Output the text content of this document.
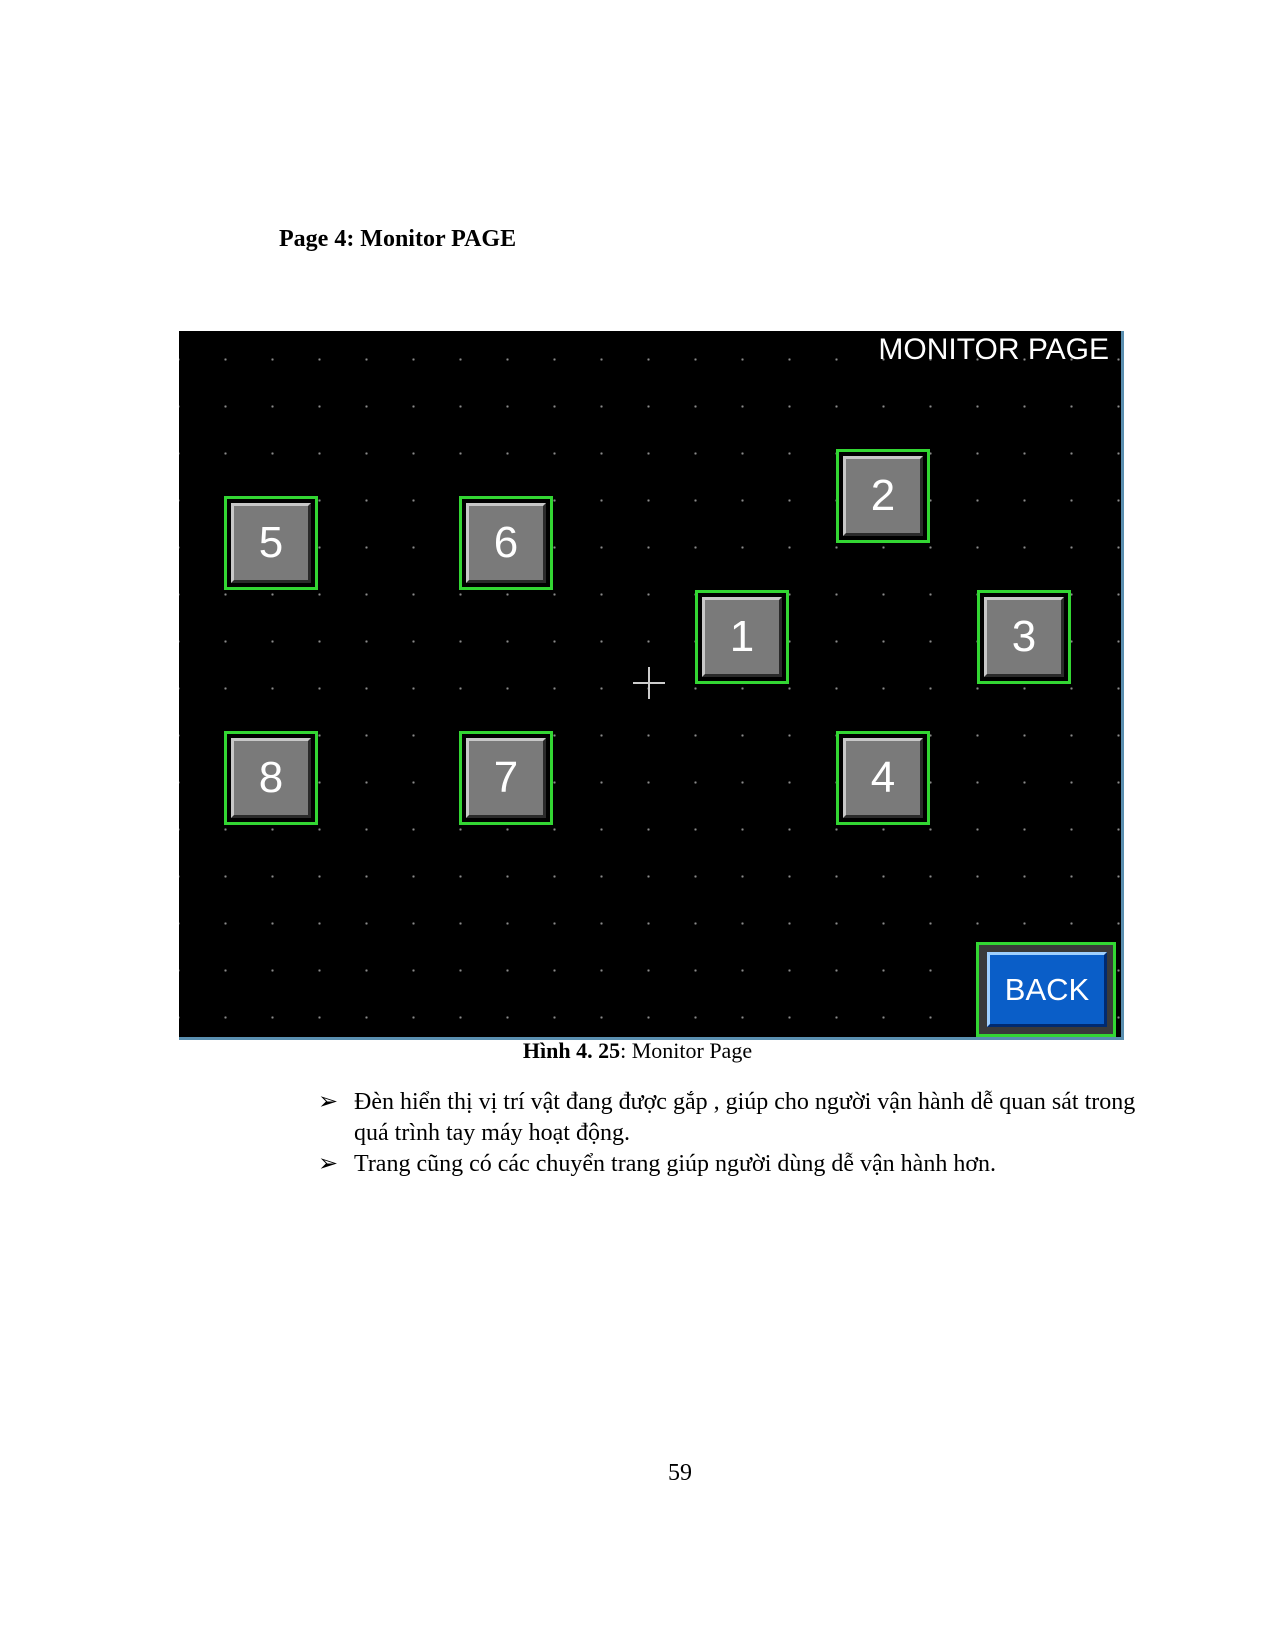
Page 4: Monitor PAGE
MONITOR PAGE
5	6
2
1	3
8	7	4
BACK
Hình 4. 25: Monitor Page
➢ Đèn hiển thị vị trí vật đang được gắp , giúp cho người vận hành dễ quan sát trong quá trình tay máy hoạt động.
➢ Trang cũng có các chuyển trang giúp người dùng dễ vận hành hơn.
59
